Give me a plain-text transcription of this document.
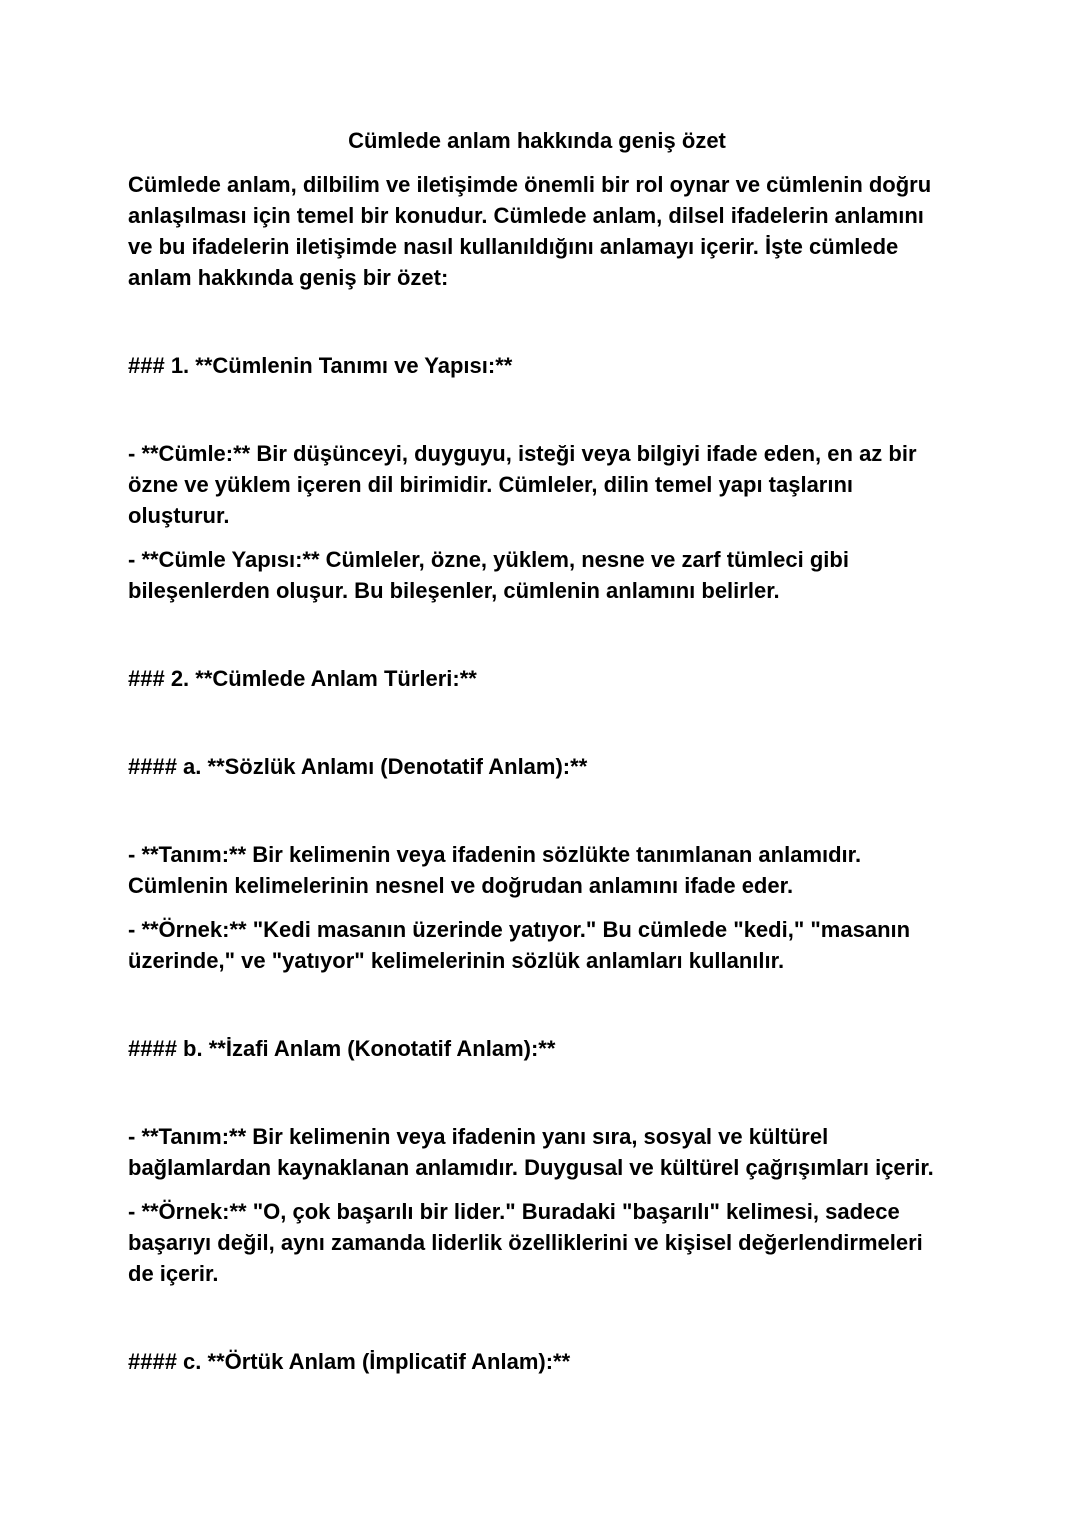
Cümlede anlam hakkında geniş özet
Cümlede anlam, dilbilim ve iletişimde önemli bir rol oynar ve cümlenin doğru anlaşılması için temel bir konudur. Cümlede anlam, dilsel ifadelerin anlamını ve bu ifadelerin iletişimde nasıl kullanıldığını anlamayı içerir. İşte cümlede anlam hakkında geniş bir özet:
### 1. **Cümlenin Tanımı ve Yapısı:**
- **Cümle:** Bir düşünceyi, duyguyu, isteği veya bilgiyi ifade eden, en az bir özne ve yüklem içeren dil birimidir. Cümleler, dilin temel yapı taşlarını oluşturur.
- **Cümle Yapısı:** Cümleler, özne, yüklem, nesne ve zarf tümleci gibi bileşenlerden oluşur. Bu bileşenler, cümlenin anlamını belirler.
### 2. **Cümlede Anlam Türleri:**
#### a. **Sözlük Anlamı (Denotatif Anlam):**
- **Tanım:** Bir kelimenin veya ifadenin sözlükte tanımlanan anlamıdır. Cümlenin kelimelerinin nesnel ve doğrudan anlamını ifade eder.
- **Örnek:** "Kedi masanın üzerinde yatıyor." Bu cümlede "kedi," "masanın üzerinde," ve "yatıyor" kelimelerinin sözlük anlamları kullanılır.
#### b. **İzafi Anlam (Konotatif Anlam):**
- **Tanım:** Bir kelimenin veya ifadenin yanı sıra, sosyal ve kültürel bağlamlardan kaynaklanan anlamıdır. Duygusal ve kültürel çağrışımları içerir.
- **Örnek:** "O, çok başarılı bir lider." Buradaki "başarılı" kelimesi, sadece başarıyı değil, aynı zamanda liderlik özelliklerini ve kişisel değerlendirmeleri de içerir.
#### c. **Örtük Anlam (İmplicatif Anlam):**
